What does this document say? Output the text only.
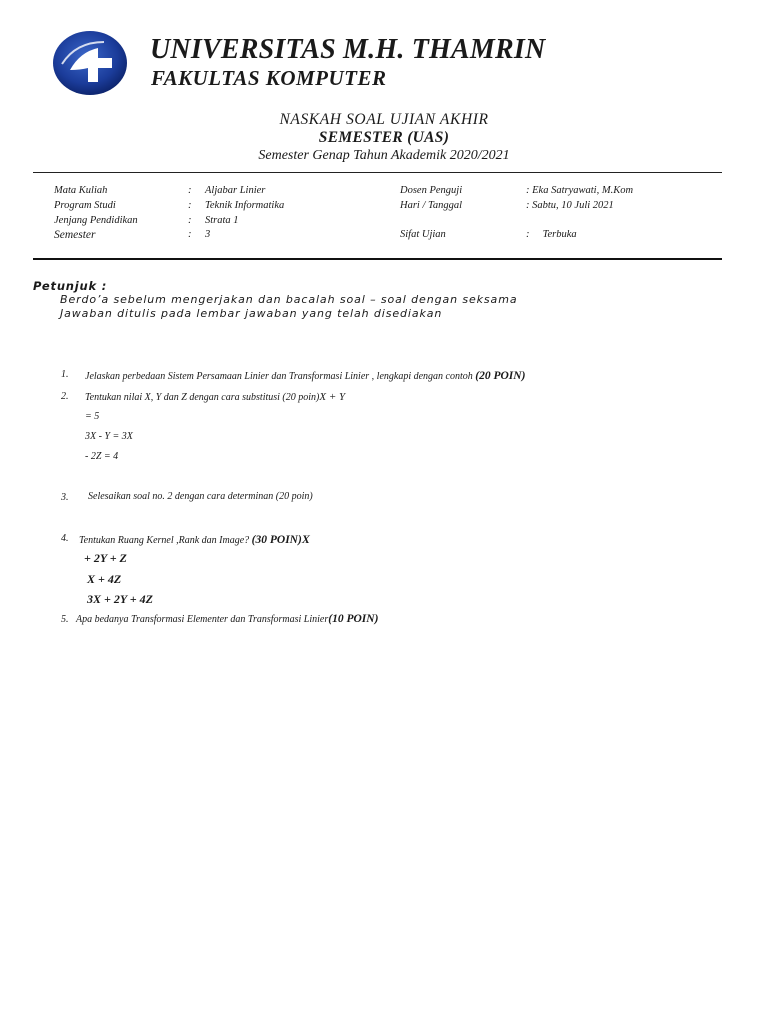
UNIVERSITAS M.H. THAMRIN
FAKULTAS KOMPUTER
NASKAH SOAL UJIAN AKHIR
SEMESTER (UAS)
Semester Genap Tahun Akademik 2020/2021
Mata Kuliah	: Aljabar Linier
Program Studi	: Teknik Informatika
Jenjang Pendidikan	: Strata 1
Semester	: 3
Dosen Penguji	: Eka Satryawati, M.Kom
Hari / Tanggal	: Sabtu, 10 Juli 2021
Sifat Ujian	:     Terbuka
Petunjuk :
Berdo’a sebelum mengerjakan dan bacalah soal – soal dengan seksama
Jawaban ditulis pada lembar jawaban yang telah disediakan
1. Jelaskan perbedaan Sistem Persamaan Linier dan Transformasi Linier , lengkapi dengan contoh (20 POIN)
2. Tentukan nilai X, Y dan Z dengan cara substitusi (20 poin)X + Y
= 5
3X - Y = 3X
- 2Z = 4
3. Selesaikan soal no. 2 dengan cara determinan (20 poin)
4. Tentukan Ruang Kernel ,Rank dan Image? (30 POIN)X
+ 2Y + Z
X + 4Z
3X + 2Y + 4Z
5. Apa bedanya Transformasi Elementer dan Transformasi Linier(10 POIN)
